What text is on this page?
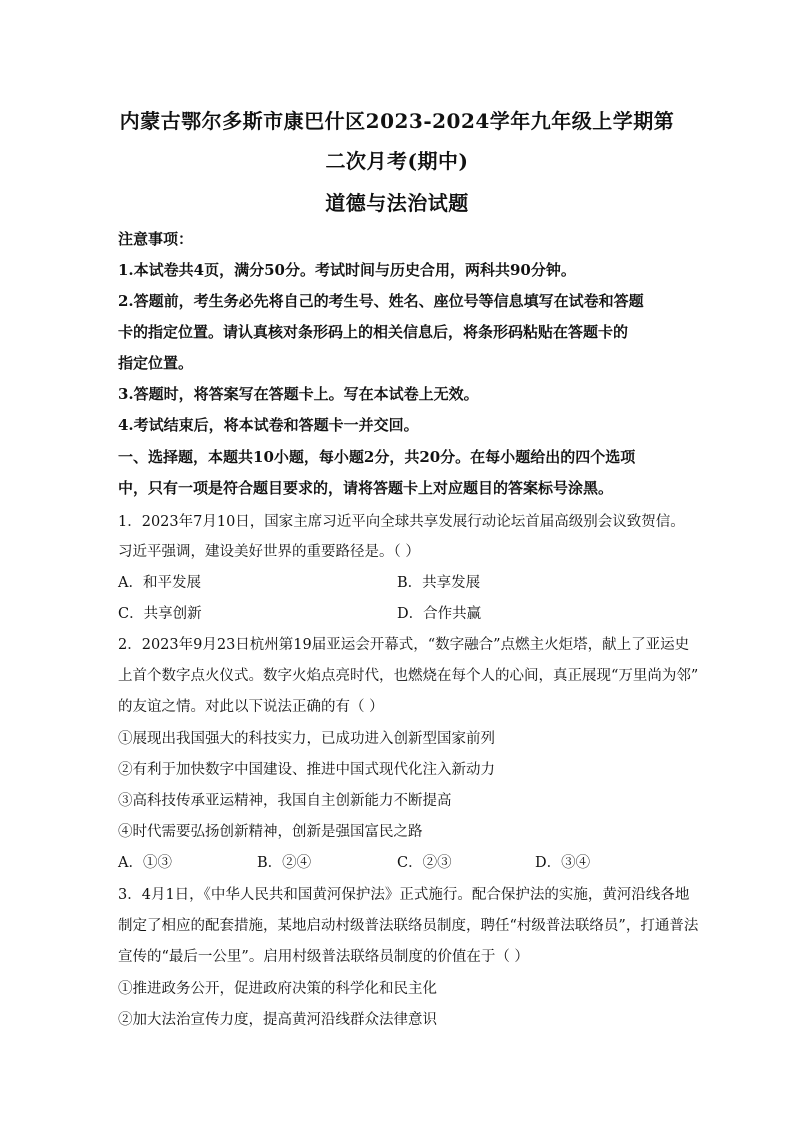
内蒙古鄂尔多斯市康巴什区2023-2024学年九年级上学期第
二次月考(期中)
道德与法治试题
注意事项：
1.本试卷共4页，满分50分。考试时间与历史合用，两科共90分钟。
2.答题前，考生务必先将自己的考生号、姓名、座位号等信息填写在试卷和答题
卡的指定位置。请认真核对条形码上的相关信息后，将条形码粘贴在答题卡的
指定位置。
3.答题时，将答案写在答题卡上。写在本试卷上无效。
4.考试结束后，将本试卷和答题卡一并交回。
一、选择题，本题共10小题，每小题2分，共20分。在每小题给出的四个选项
中，只有一项是符合题目要求的，请将答题卡上对应题目的答案标号涂黑。
1．2023年7月10日，国家主席习近平向全球共享发展行动论坛首届高级别会议致贺信。
习近平强调，建设美好世界的重要路径是。（ ）
A．和平发展	B．共享发展
C．共享创新	D．合作共赢
2．2023年9月23日杭州第19届亚运会开幕式，“数字融合”点燃主火炬塔，献上了亚运史
上首个数字点火仪式。数字火焰点亮时代，也燃烧在每个人的心间，真正展现“万里尚为邻”
的友谊之情。对此以下说法正确的有（ ）
①展现出我国强大的科技实力，已成功进入创新型国家前列
②有利于加快数字中国建设、推进中国式现代化注入新动力
③高科技传承亚运精神，我国自主创新能力不断提高
④时代需要弘扬创新精神，创新是强国富民之路
A．①③	B．②④	C．②③	D．③④
3．4月1日，《中华人民共和国黄河保护法》正式施行。配合保护法的实施，黄河沿线各地
制定了相应的配套措施，某地启动村级普法联络员制度，聘任“村级普法联络员”，打通普法
宣传的“最后一公里”。启用村级普法联络员制度的价值在于（ ）
①推进政务公开，促进政府决策的科学化和民主化
②加大法治宣传力度，提高黄河沿线群众法律意识
